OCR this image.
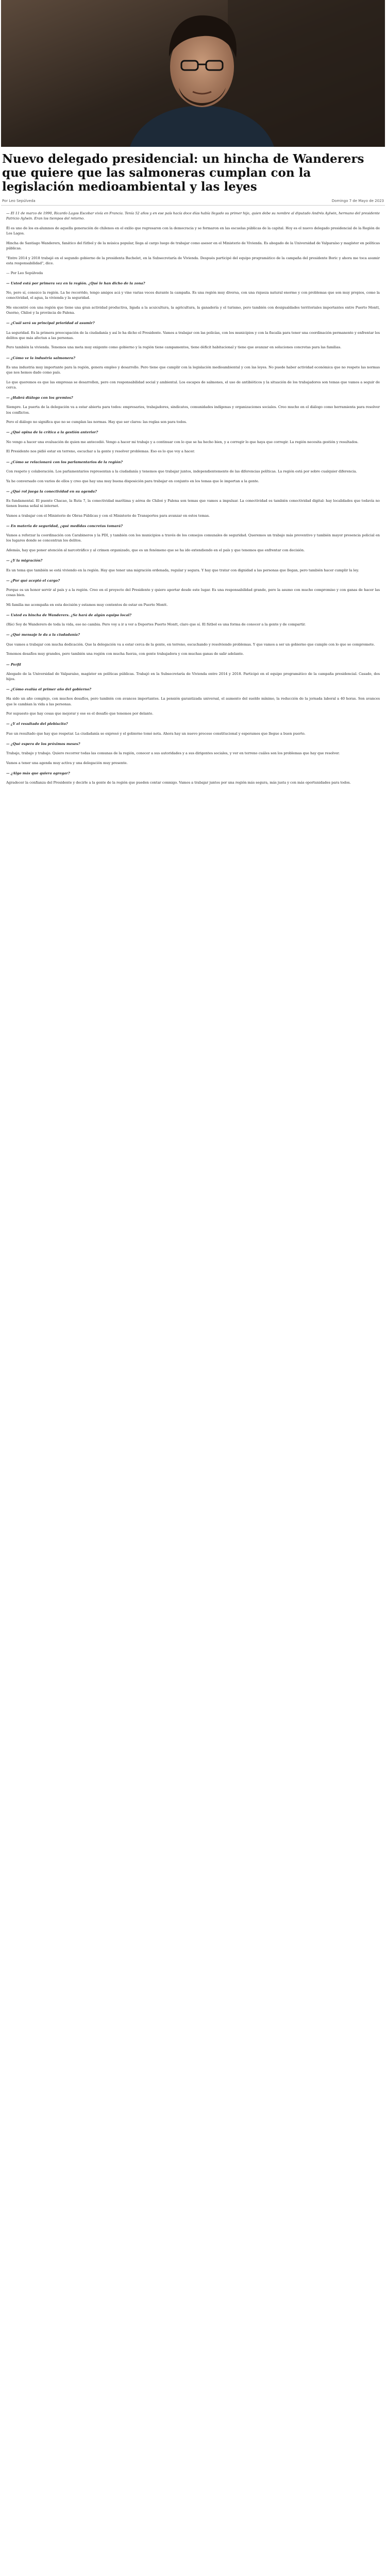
Nuevo delegado presidencial: un hincha de Wanderers que quiere que las salmoneras cumplan con la legislación medioambiental y las leyes
Por Leo Sepúlveda	Domingo 7 de Mayo de 2023

— El 11 de marzo de 1990, Ricardo Lagos Escobar vivía en Francia. Tenía 52 años y en ese país hacía doce días había llegado su primer hijo, quien debe su nombre al diputado Andrés Aylwin, hermano del presidente Patricio Aylwin. Eran los tiempos del retorno.

Él es uno de los ex-alumnos de aquella generación de chilenos en el exilio que regresaron con la democracia y se formaron en las escuelas públicas de la capital. Hoy es el nuevo delegado presidencial de la Región de Los Lagos.

Hincha de Santiago Wanderers, fanático del fútbol y de la música popular, llega al cargo luego de trabajar como asesor en el Ministerio de Vivienda. Es abogado de la Universidad de Valparaíso y magíster en políticas públicas.

"Entre 2014 y 2018 trabajé en el segundo gobierno de la presidenta Bachelet, en la Subsecretaría de Vivienda. Después participé del equipo programático de la campaña del presidente Boric y ahora me toca asumir esta responsabilidad", dice.

— Por Leo Sepúlveda

— Usted está por primera vez en la región. ¿Qué le han dicho de la zona?

No, pero sí, conozco la región. La he recorrido, tengo amigos acá y vine varias veces durante la campaña. Es una región muy diversa, con una riqueza natural enorme y con problemas que son muy propios, como la conectividad, el agua, la vivienda y la seguridad.

Me encontré con una región que tiene una gran actividad productiva, ligada a la acuicultura, la agricultura, la ganadería y el turismo, pero también con desigualdades territoriales importantes entre Puerto Montt, Osorno, Chiloé y la provincia de Palena.

— ¿Cuál será su principal prioridad al asumir?

La seguridad. Es la primera preocupación de la ciudadanía y así lo ha dicho el Presidente. Vamos a trabajar con las policías, con los municipios y con la fiscalía para tener una coordinación permanente y enfrentar los delitos que más afectan a las personas.

Pero también la vivienda. Tenemos una meta muy exigente como gobierno y la región tiene campamentos, tiene déficit habitacional y tiene que avanzar en soluciones concretas para las familias.

— ¿Cómo ve la industria salmonera?

Es una industria muy importante para la región, genera empleo y desarrollo. Pero tiene que cumplir con la legislación medioambiental y con las leyes. No puede haber actividad económica que no respete las normas que nos hemos dado como país.

Lo que queremos es que las empresas se desarrollen, pero con responsabilidad social y ambiental. Los escapes de salmones, el uso de antibióticos y la situación de los trabajadores son temas que vamos a seguir de cerca.

— ¿Habrá diálogo con los gremios?

Siempre. La puerta de la delegación va a estar abierta para todos: empresarios, trabajadores, sindicatos, comunidades indígenas y organizaciones sociales. Creo mucho en el diálogo como herramienta para resolver los conflictos.

Pero el diálogo no significa que no se cumplan las normas. Hay que ser claros: las reglas son para todos.

— ¿Qué opina de la crítica a la gestión anterior?

No vengo a hacer una evaluación de quien me antecedió. Vengo a hacer mi trabajo y a continuar con lo que se ha hecho bien, y a corregir lo que haya que corregir. La región necesita gestión y resultados.

El Presidente nos pidió estar en terreno, escuchar a la gente y resolver problemas. Eso es lo que voy a hacer.

— ¿Cómo se relacionará con los parlamentarios de la región?

Con respeto y colaboración. Los parlamentarios representan a la ciudadanía y tenemos que trabajar juntos, independientemente de las diferencias políticas. La región está por sobre cualquier diferencia.

Ya he conversado con varios de ellos y creo que hay una muy buena disposición para trabajar en conjunto en los temas que le importan a la gente.

— ¿Qué rol juega la conectividad en su agenda?

Es fundamental. El puente Chacao, la Ruta 7, la conectividad marítima y aérea de Chiloé y Palena son temas que vamos a impulsar. La conectividad es también conectividad digital: hay localidades que todavía no tienen buena señal ni internet.

Vamos a trabajar con el Ministerio de Obras Públicas y con el Ministerio de Transportes para avanzar en estos temas.

— En materia de seguridad, ¿qué medidas concretas tomará?

Vamos a reforzar la coordinación con Carabineros y la PDI, y también con los municipios a través de los consejos comunales de seguridad. Queremos un trabajo más preventivo y también mayor presencia policial en los lugares donde se concentran los delitos.

Además, hay que poner atención al narcotráfico y al crimen organizado, que es un fenómeno que se ha ido extendiendo en el país y que tenemos que enfrentar con decisión.

— ¿Y la migración?

Es un tema que también se está viviendo en la región. Hay que tener una migración ordenada, regular y segura. Y hay que tratar con dignidad a las personas que llegan, pero también hacer cumplir la ley.

— ¿Por qué aceptó el cargo?

Porque es un honor servir al país y a la región. Creo en el proyecto del Presidente y quiero aportar desde este lugar. Es una responsabilidad grande, pero la asumo con mucho compromiso y con ganas de hacer las cosas bien.

Mi familia me acompaña en esta decisión y estamos muy contentos de estar en Puerto Montt.

— Usted es hincha de Wanderers. ¿Se hará de algún equipo local?

(Ríe) Soy de Wanderers de toda la vida, eso no cambia. Pero voy a ir a ver a Deportes Puerto Montt, claro que sí. El fútbol es una forma de conocer a la gente y de compartir.

— ¿Qué mensaje le da a la ciudadanía?

Que vamos a trabajar con mucha dedicación. Que la delegación va a estar cerca de la gente, en terreno, escuchando y resolviendo problemas. Y que vamos a ser un gobierno que cumple con lo que se compromete.

Tenemos desafíos muy grandes, pero también una región con mucha fuerza, con gente trabajadora y con muchas ganas de salir adelante.

— Perfil

Abogado de la Universidad de Valparaíso, magíster en políticas públicas. Trabajó en la Subsecretaría de Vivienda entre 2014 y 2018. Participó en el equipo programático de la campaña presidencial. Casado, dos hijos.

— ¿Cómo evalúa el primer año del gobierno?

Ha sido un año complejo, con muchos desafíos, pero también con avances importantes. La pensión garantizada universal, el aumento del sueldo mínimo, la reducción de la jornada laboral a 40 horas. Son avances que le cambian la vida a las personas.

Por supuesto que hay cosas que mejorar y ese es el desafío que tenemos por delante.

— ¿Y el resultado del plebiscito?

Fue un resultado que hay que respetar. La ciudadanía se expresó y el gobierno tomó nota. Ahora hay un nuevo proceso constitucional y esperamos que llegue a buen puerto.

— ¿Qué espera de los próximos meses?

Trabajo, trabajo y trabajo. Quiero recorrer todas las comunas de la región, conocer a sus autoridades y a sus dirigentes sociales, y ver en terreno cuáles son los problemas que hay que resolver.

Vamos a tener una agenda muy activa y una delegación muy presente.

— ¿Algo más que quiera agregar?

Agradecer la confianza del Presidente y decirle a la gente de la región que pueden contar conmigo. Vamos a trabajar juntos por una región más segura, más justa y con más oportunidades para todos.
